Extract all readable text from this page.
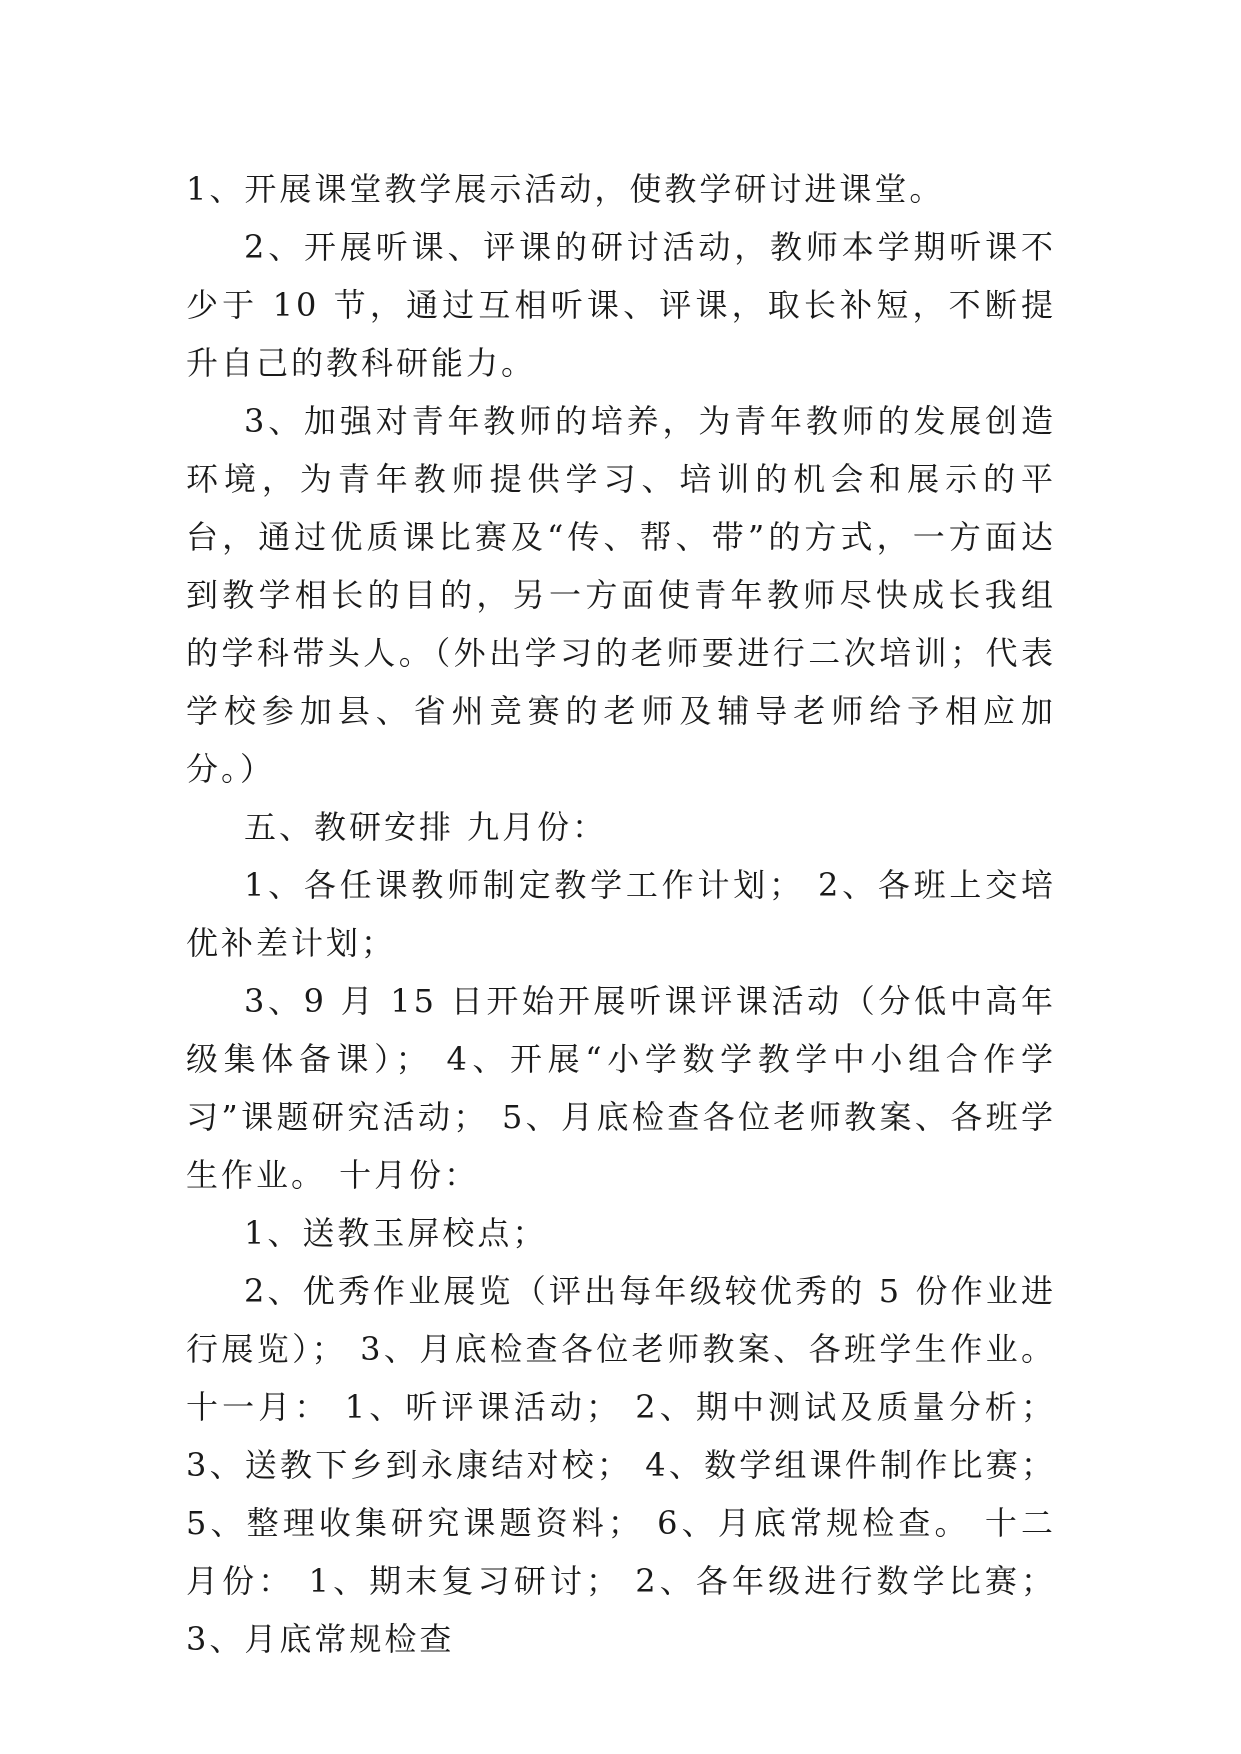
1、开展课堂教学展示活动，使教学研讨进课堂。

2、开展听课、评课的研讨活动，教师本学期听课不少于 10 节，通过互相听课、评课，取长补短，不断提升自己的教科研能力。

3、加强对青年教师的培养，为青年教师的发展创造环境，为青年教师提供学习、培训的机会和展示的平台，通过优质课比赛及“传、帮、带”的方式，一方面达到教学相长的目的，另一方面使青年教师尽快成长我组的学科带头人。（外出学习的老师要进行二次培训；代表学校参加县、省州竞赛的老师及辅导老师给予相应加分。）

五、教研安排 九月份：

1、各任课教师制定教学工作计划； 2、各班上交培优补差计划；

3、9 月 15 日开始开展听课评课活动（分低中高年级集体备课）； 4、开展“小学数学教学中小组合作学习”课题研究活动； 5、月底检查各位老师教案、各班学生作业。 十月份：

1、送教玉屏校点；

2、优秀作业展览（评出每年级较优秀的 5 份作业进行展览）； 3、月底检查各位老师教案、各班学生作业。 十一月： 1、听评课活动； 2、期中测试及质量分析； 3、送教下乡到永康结对校； 4、数学组课件制作比赛； 5、整理收集研究课题资料； 6、月底常规检查。 十二月份： 1、期末复习研讨； 2、各年级进行数学比赛； 3、月底常规检查
